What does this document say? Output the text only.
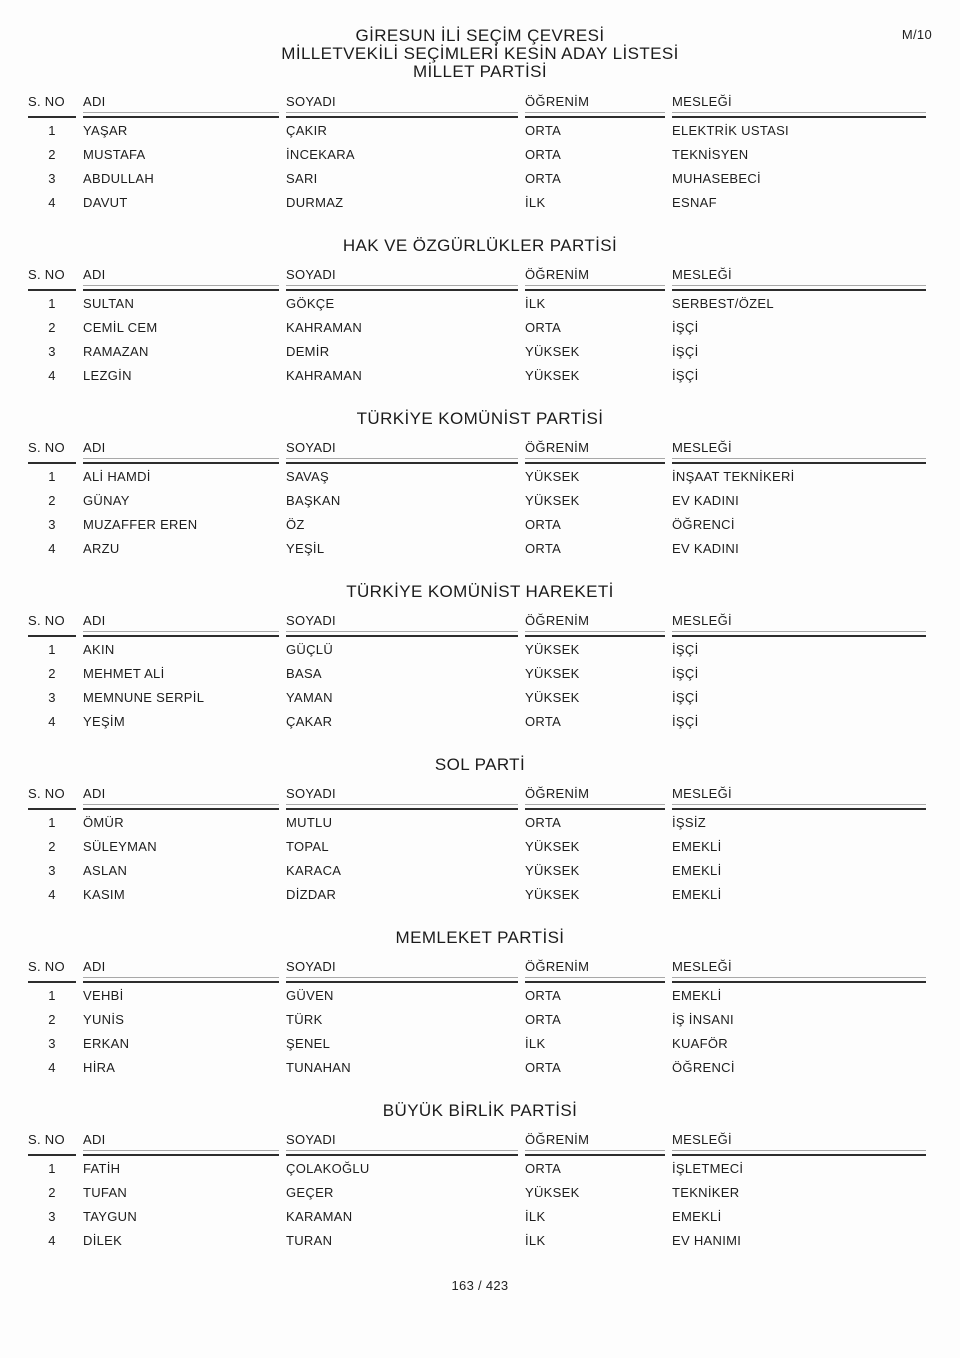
M/10
GİRESUN İLİ SEÇİM ÇEVRESİ
MİLLETVEKİLİ SEÇİMLERİ KESİN ADAY LİSTESİ
MİLLET PARTİSİ
S. NO	ADI	SOYADI	ÖĞRENİM	MESLEĞİ

1	YAŞAR	ÇAKIR	ORTA	ELEKTRİK USTASI
2	MUSTAFA	İNCEKARA	ORTA	TEKNİSYEN
3	ABDULLAH	SARI	ORTA	MUHASEBECİ
4	DAVUT	DURMAZ	İLK	ESNAF
HAK VE ÖZGÜRLÜKLER PARTİSİ
S. NO	ADI	SOYADI	ÖĞRENİM	MESLEĞİ

1	SULTAN	GÖKÇE	İLK	SERBEST/ÖZEL
2	CEMİL CEM	KAHRAMAN	ORTA	İŞÇİ
3	RAMAZAN	DEMİR	YÜKSEK	İŞÇİ
4	LEZGİN	KAHRAMAN	YÜKSEK	İŞÇİ
TÜRKİYE KOMÜNİST PARTİSİ
S. NO	ADI	SOYADI	ÖĞRENİM	MESLEĞİ

1	ALİ HAMDİ	SAVAŞ	YÜKSEK	İNŞAAT TEKNİKERİ
2	GÜNAY	BAŞKAN	YÜKSEK	EV KADINI
3	MUZAFFER EREN	ÖZ	ORTA	ÖĞRENCİ
4	ARZU	YEŞİL	ORTA	EV KADINI
TÜRKİYE KOMÜNİST HAREKETİ
S. NO	ADI	SOYADI	ÖĞRENİM	MESLEĞİ

1	AKIN	GÜÇLÜ	YÜKSEK	İŞÇİ
2	MEHMET ALİ	BASA	YÜKSEK	İŞÇİ
3	MEMNUNE SERPİL	YAMAN	YÜKSEK	İŞÇİ
4	YEŞİM	ÇAKAR	ORTA	İŞÇİ
SOL PARTİ
S. NO	ADI	SOYADI	ÖĞRENİM	MESLEĞİ

1	ÖMÜR	MUTLU	ORTA	İŞSİZ
2	SÜLEYMAN	TOPAL	YÜKSEK	EMEKLİ
3	ASLAN	KARACA	YÜKSEK	EMEKLİ
4	KASIM	DİZDAR	YÜKSEK	EMEKLİ
MEMLEKET PARTİSİ
S. NO	ADI	SOYADI	ÖĞRENİM	MESLEĞİ

1	VEHBİ	GÜVEN	ORTA	EMEKLİ
2	YUNİS	TÜRK	ORTA	İŞ İNSANI
3	ERKAN	ŞENEL	İLK	KUAFÖR
4	HİRA	TUNAHAN	ORTA	ÖĞRENCİ
BÜYÜK BİRLİK PARTİSİ
S. NO	ADI	SOYADI	ÖĞRENİM	MESLEĞİ

1	FATİH	ÇOLAKOĞLU	ORTA	İŞLETMECİ
2	TUFAN	GEÇER	YÜKSEK	TEKNİKER
3	TAYGUN	KARAMAN	İLK	EMEKLİ
4	DİLEK	TURAN	İLK	EV HANIMI
163 / 423
